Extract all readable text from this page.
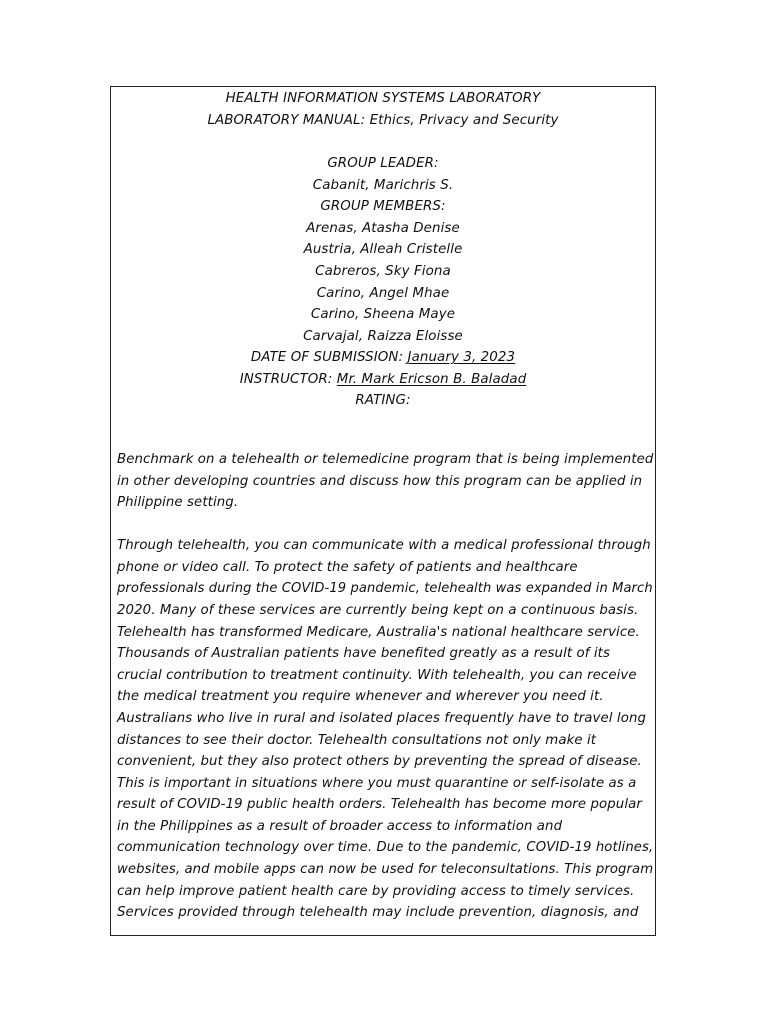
HEALTH INFORMATION SYSTEMS LABORATORY
LABORATORY MANUAL: Ethics, Privacy and Security
GROUP LEADER:
Cabanit, Marichris S.
GROUP MEMBERS:
Arenas, Atasha Denise
Austria, Alleah Cristelle
Cabreros, Sky Fiona
Carino, Angel Mhae
Carino, Sheena Maye
Carvajal, Raizza Eloisse
DATE OF SUBMISSION: January 3, 2023
INSTRUCTOR: Mr. Mark Ericson B. Baladad
RATING:
Benchmark on a telehealth or telemedicine program that is being implemented
in other developing countries and discuss how this program can be applied in
Philippine setting.
Through telehealth, you can communicate with a medical professional through
phone or video call. To protect the safety of patients and healthcare
professionals during the COVID-19 pandemic, telehealth was expanded in March
2020. Many of these services are currently being kept on a continuous basis.
Telehealth has transformed Medicare, Australia's national healthcare service.
Thousands of Australian patients have benefited greatly as a result of its
crucial contribution to treatment continuity. With telehealth, you can receive
the medical treatment you require whenever and wherever you need it.
Australians who live in rural and isolated places frequently have to travel long
distances to see their doctor. Telehealth consultations not only make it
convenient, but they also protect others by preventing the spread of disease.
This is important in situations where you must quarantine or self-isolate as a
result of COVID-19 public health orders. Telehealth has become more popular
in the Philippines as a result of broader access to information and
communication technology over time. Due to the pandemic, COVID-19 hotlines,
websites, and mobile apps can now be used for teleconsultations. This program
can help improve patient health care by providing access to timely services.
Services provided through telehealth may include prevention, diagnosis, and
